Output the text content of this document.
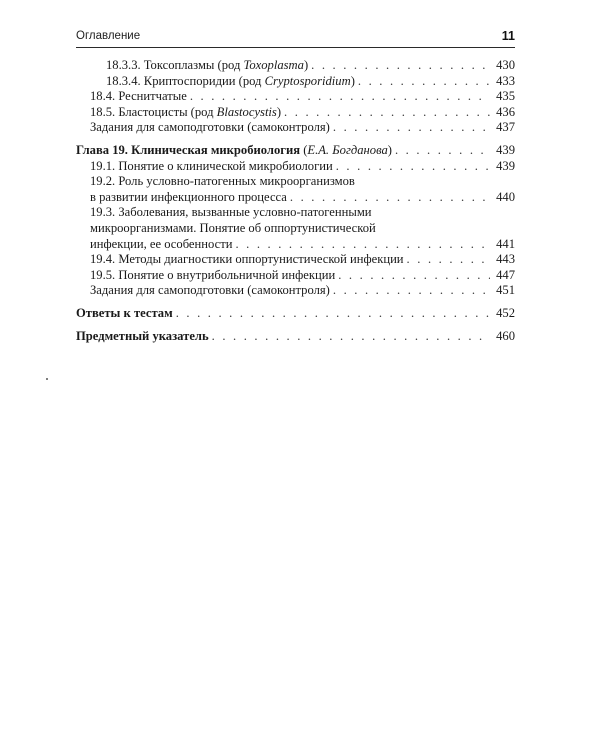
Оглавление	11
18.3.3. Токсоплазмы (род Toxoplasma) . . .	430
18.3.4. Криптоспоридии (род Cryptosporidium) . . .	433
18.4. Реснитчатые . . .	435
18.5. Бластоцисты (род Blastocystis) . . .	436
Задания для самоподготовки (самоконтроля) . . .	437
Глава 19. Клиническая микробиология (Е.А. Богданова) . . .	439
19.1. Понятие о клинической микробиологии . . .	439
19.2. Роль условно-патогенных микроорганизмов
в развитии инфекционного процесса . . .	440
19.3. Заболевания, вызванные условно-патогенными
микроорганизмами. Понятие об оппортунистической
инфекции, ее особенности . . .	441
19.4. Методы диагностики оппортунистической инфекции . . .	443
19.5. Понятие о внутрибольничной инфекции . . .	447
Задания для самоподготовки (самоконтроля) . . .	451
Ответы к тестам . . .	452
Предметный указатель . . .	460
